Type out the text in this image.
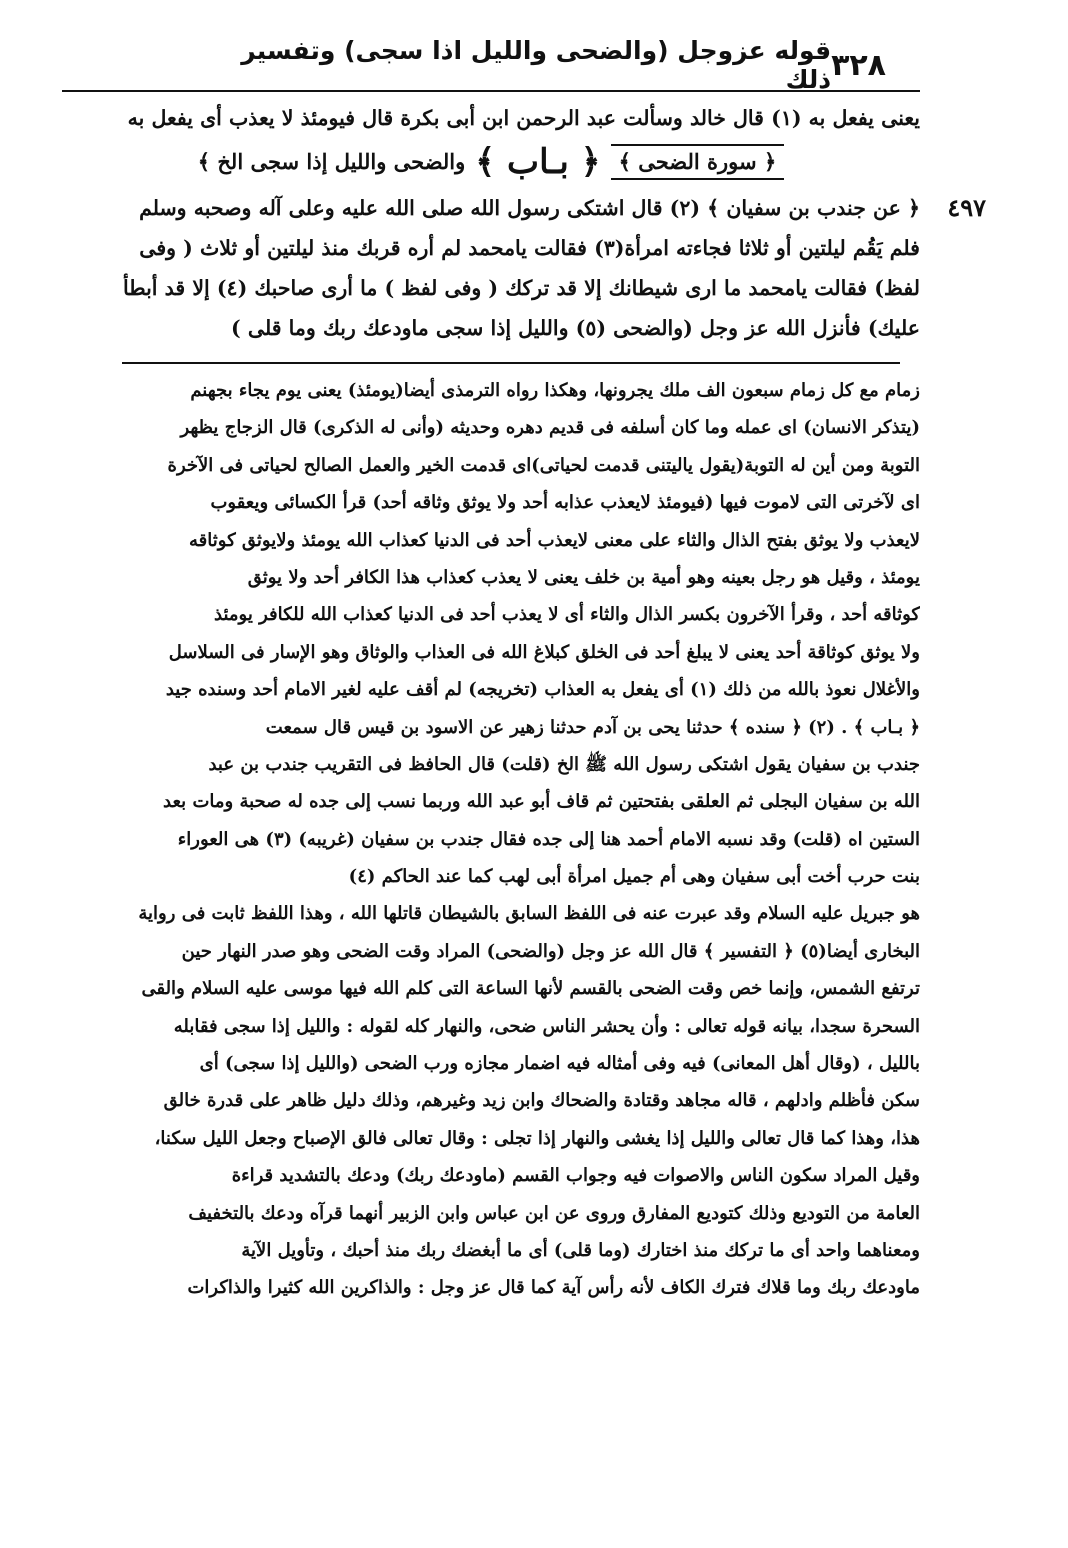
٣٢٨
قوله عزوجل (والضحى والليل اذا سجى) وتفسير ذلك
يعنى يفعل به (١) قال خالد وسألت عبد الرحمن ابن أبى بكرة قال فيومئذ لا يعذب أى يفعل به
﴿ سورة الضحى ﴾
﴿ بـاب ﴾
والضحى والليل إذا سجى الخ ﴾
٤٩٧
﴿ عن جندب بن سفيان ﴾ (٢) قال اشتكى رسول الله صلى الله عليه وعلى آله وصحبه وسلم
فلم يَقُم ليلتين أو ثلاثا فجاءته امرأة(٣) فقالت يامحمد لم أره قربك منذ ليلتين أو ثلاث ( وفى
لفظ) فقالت يامحمد ما ارى شيطانك إلا قد تركك ( وفى لفظ ) ما أرى صاحبك (٤) إلا قد أبطأ
عليك) فأنزل الله عز وجل (والضحى (٥) والليل إذا سجى ماودعك ربك وما قلى )
زمام مع كل زمام سبعون الف ملك يجرونها، وهكذا رواه الترمذى أيضا(يومئذ) يعنى يوم يجاء بجهنم
(يتذكر الانسان) اى عمله وما كان أسلفه فى قديم دهره وحديثه (وأنى له الذكرى) قال الزجاج يظهر
التوبة ومن أين له التوبة(يقول ياليتنى قدمت لحياتى)اى قدمت الخير والعمل الصالح لحياتى فى الآخرة
اى لآخرتى التى لاموت فيها (فيومئذ لايعذب عذابه أحد ولا يوثق وثاقه أحد) قرأ الكسائى ويعقوب
لايعذب ولا يوثق بفتح الذال والثاء على معنى لايعذب أحد فى الدنيا كعذاب الله يومئذ ولايوثق كوثاقه
يومئذ ، وقيل هو رجل بعينه وهو أمية بن خلف يعنى لا يعذب كعذاب هذا الكافر أحد ولا يوثق
كوثاقه أحد ، وقرأ الآخرون بكسر الذال والثاء أى لا يعذب أحد فى الدنيا كعذاب الله للكافر يومئذ
ولا يوثق كوثاقة أحد يعنى لا يبلغ أحد فى الخلق كبلاغ الله فى العذاب والوثاق وهو الإسار فى السلاسل
والأغلال نعوذ بالله من ذلك (١) أى يفعل به العذاب (تخريجه) لم أقف عليه لغير الامام أحد وسنده جيد
﴿ بـاب ﴾ . (٢) ﴿ سنده ﴾ حدثنا يحى بن آدم حدثنا زهير عن الاسود بن قيس قال سمعت
جندب بن سفيان يقول اشتكى رسول الله ﷺ الخ (قلت) قال الحافظ فى التقريب جندب بن عبد
الله بن سفيان البجلى ثم العلقى بفتحتين ثم قاف أبو عبد الله وربما نسب إلى جده له صحبة ومات بعد
الستين اه (قلت) وقد نسبه الامام أحمد هنا إلى جده فقال جندب بن سفيان (غريبه) (٣) هى العوراء
بنت حرب أخت أبى سفيان وهى أم جميل امرأة أبى لهب كما عند الحاكم (٤)
هو جبريل عليه السلام وقد عبرت عنه فى اللفظ السابق بالشيطان قاتلها الله ، وهذا اللفظ ثابت فى رواية
البخارى أيضا(٥) ﴿ التفسير ﴾ قال الله عز وجل (والضحى) المراد وقت الضحى وهو صدر النهار حين
ترتفع الشمس، وإنما خص وقت الضحى بالقسم لأنها الساعة التى كلم الله فيها موسى عليه السلام والقى
السحرة سجدا، بيانه قوله تعالى : وأن يحشر الناس ضحى، والنهار كله لقوله : والليل إذا سجى فقابله
بالليل ، (وقال أهل المعانى) فيه وفى أمثاله فيه اضمار مجازه ورب الضحى (والليل إذا سجى) أى
سكن فأظلم وادلهم ، قاله مجاهد وقتادة والضحاك وابن زيد وغيرهم، وذلك دليل ظاهر على قدرة خالق
هذا، وهذا كما قال تعالى والليل إذا يغشى والنهار إذا تجلى : وقال تعالى فالق الإصباح وجعل الليل سكنا،
وقيل المراد سكون الناس والاصوات فيه وجواب القسم (ماودعك ربك) ودعك بالتشديد قراءة
العامة من التوديع وذلك كتوديع المفارق وروى عن ابن عباس وابن الزبير أنهما قرآه ودعك بالتخفيف
ومعناهما واحد أى ما تركك منذ اختارك (وما قلى) أى ما أبغضك ربك منذ أحبك ، وتأويل الآية
ماودعك ربك وما قلاك فترك الكاف لأنه رأس آية كما قال عز وجل : والذاكرين الله كثيرا والذاكرات
